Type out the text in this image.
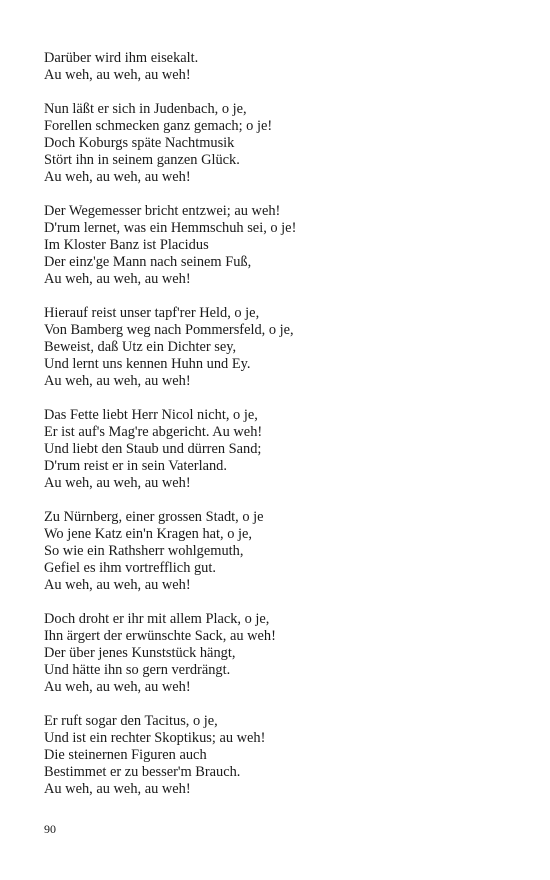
Darüber wird ihm eisekalt.
Au weh, au weh, au weh!
Nun läßt er sich in Judenbach, o je,
Forellen schmecken ganz gemach; o je!
Doch Koburgs späte Nachtmusik
Stört ihn in seinem ganzen Glück.
Au weh, au weh, au weh!
Der Wegemesser bricht entzwei; au weh!
D'rum lernet, was ein Hemmschuh sei, o je!
Im Kloster Banz ist Placidus
Der einz'ge Mann nach seinem Fuß,
Au weh, au weh, au weh!
Hierauf reist unser tapf'rer Held, o je,
Von Bamberg weg nach Pommersfeld, o je,
Beweist, daß Utz ein Dichter sey,
Und lernt uns kennen Huhn und Ey.
Au weh, au weh, au weh!
Das Fette liebt Herr Nicol nicht, o je,
Er ist auf's Mag're abgericht. Au weh!
Und liebt den Staub und dürren Sand;
D'rum reist er in sein Vaterland.
Au weh, au weh, au weh!
Zu Nürnberg, einer grossen Stadt, o je
Wo jene Katz ein'n Kragen hat, o je,
So wie ein Rathsherr wohlgemuth,
Gefiel es ihm vortrefflich gut.
Au weh, au weh, au weh!
Doch droht er ihr mit allem Plack, o je,
Ihn ärgert der erwünschte Sack, au weh!
Der über jenes Kunststück hängt,
Und hätte ihn so gern verdrängt.
Au weh, au weh, au weh!
Er ruft sogar den Tacitus, o je,
Und ist ein rechter Skoptikus; au weh!
Die steinernen Figuren auch
Bestimmet er zu besser'm Brauch.
Au weh, au weh, au weh!
90
